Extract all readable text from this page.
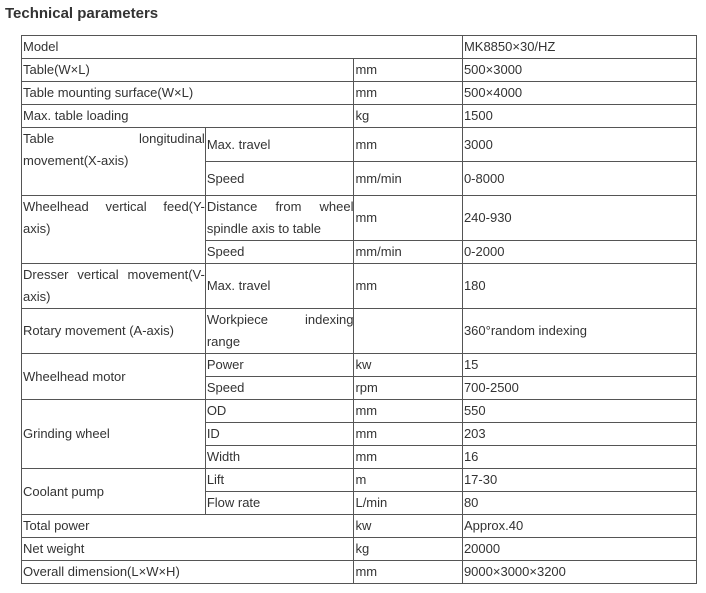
Technical parameters
Model			MK8850×30/HZ
Table(W×L)		mm	500×3000
Table mounting surface(W×L)		mm	500×4000
Max. table loading		kg	1500
Table longitudinal movement(X-axis)	Max. travel	mm	3000
	Speed	mm/min	0-8000
Wheelhead vertical feed(Y-axis)	Distance from wheel spindle axis to table	mm	240-930
	Speed	mm/min	0-2000
Dresser vertical movement(V-axis)	Max. travel	mm	180
Rotary movement (A-axis)	Workpiece indexing range		360°random indexing
Wheelhead motor	Power	kw	15
	Speed	rpm	700-2500
Grinding wheel	OD	mm	550
	ID	mm	203
	Width	mm	16
Coolant pump	Lift	m	17-30
	Flow rate	L/min	80
Total power		kw	Approx.40
Net weight		kg	20000
Overall dimension(L×W×H)		mm	9000×3000×3200
